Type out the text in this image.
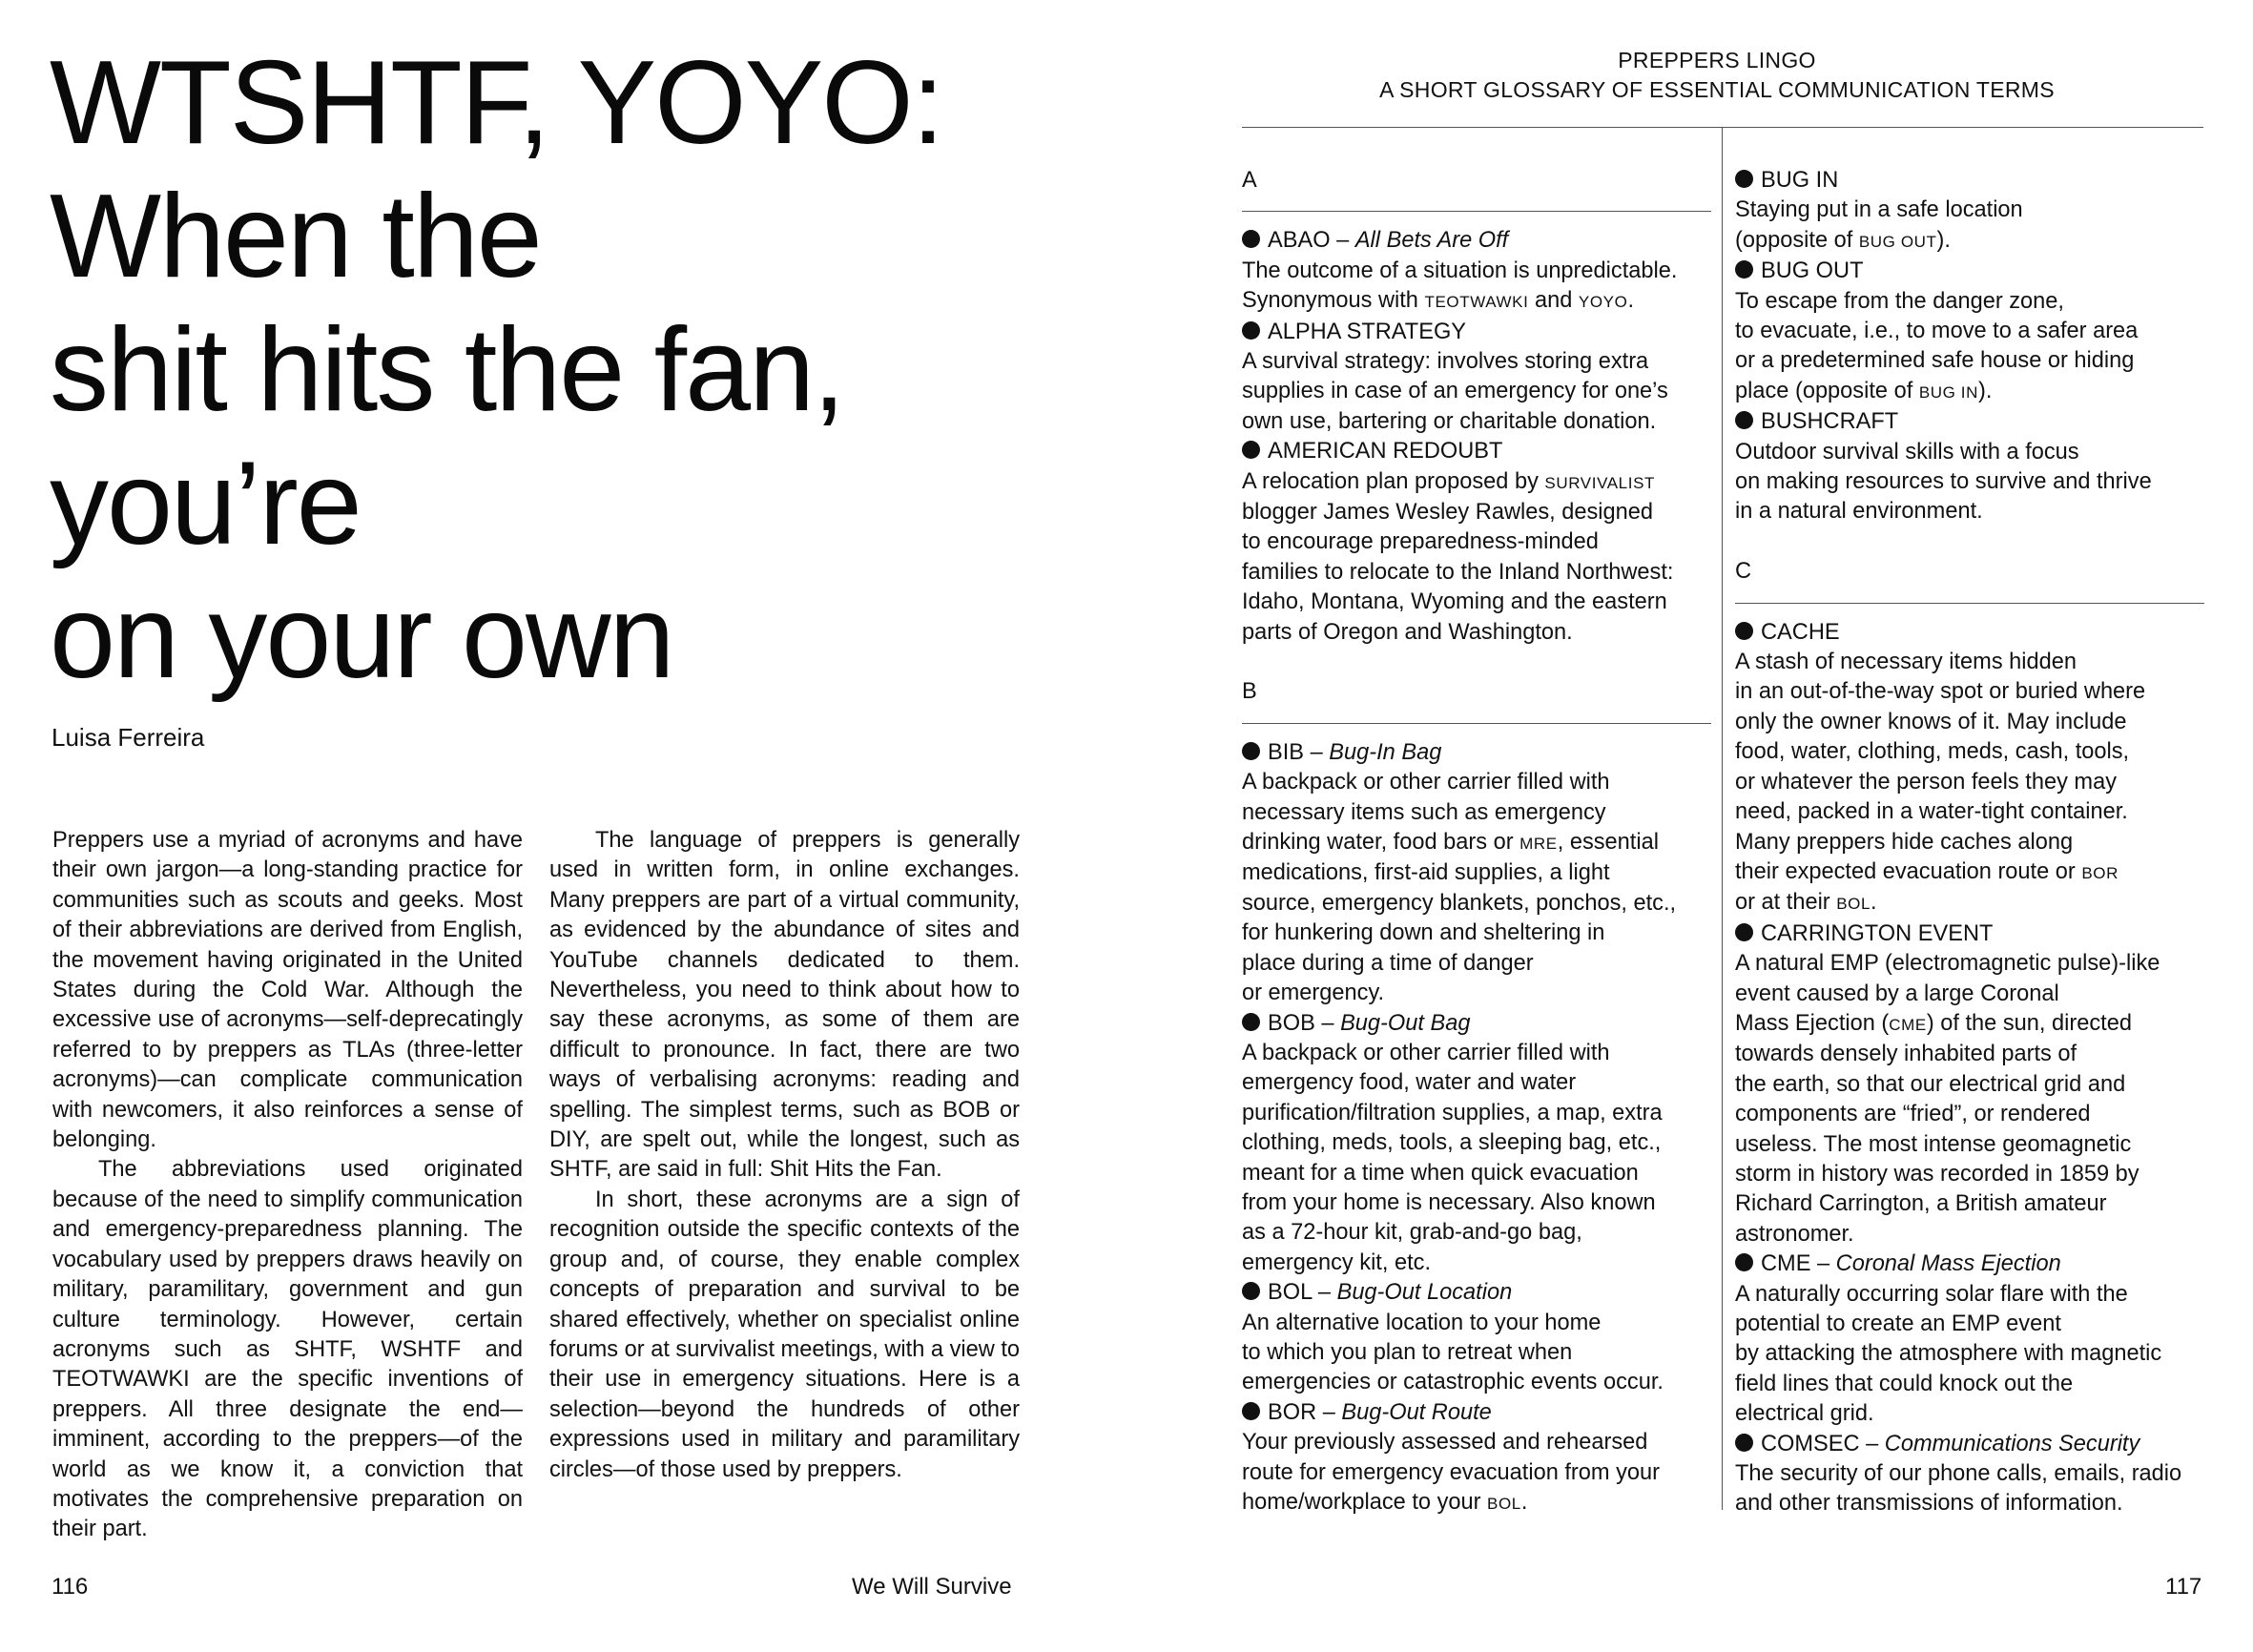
WTSHTF, YOYO:
When the
shit hits the fan,
you’re
on your own
Luisa Ferreira

Preppers use a myriad of acronyms and have their own jargon—a long-standing practice for communities such as scouts and geeks. Most of their abbreviations are derived from English, the movement having originated in the United States during the Cold War. Although the excessive use of acronyms—self-deprecatingly referred to by preppers as TLAs (three-letter acronyms)—can complicate communication with newcomers, it also reinforces a sense of belonging.

The abbreviations used originated because of the need to simplify communication and emergency-preparedness planning. The vocabulary used by preppers draws heavily on military, paramilitary, government and gun culture terminology. However, certain acronyms such as SHTF, WSHTF and TEOTWAWKI are the specific inventions of preppers. All three designate the end—imminent, according to the preppers—of the world as we know it, a conviction that motivates the comprehensive preparation on their part.

The language of preppers is generally used in written form, in online exchanges. Many preppers are part of a virtual community, as evidenced by the abundance of sites and YouTube channels dedicated to them. Nevertheless, you need to think about how to say these acronyms, as some of them are difficult to pronounce. In fact, there are two ways of verbalising acronyms: reading and spelling. The simplest terms, such as BOB or DIY, are spelt out, while the longest, such as SHTF, are said in full: Shit Hits the Fan.

In short, these acronyms are a sign of recognition outside the specific contexts of the group and, of course, they enable complex concepts of preparation and survival to be shared effectively, whether on specialist online forums or at survivalist meetings, with a view to their use in emergency situations. Here is a selection—beyond the hundreds of other expressions used in military and paramilitary circles—of those used by preppers.

116	We Will Survive
PREPPERS LINGO
A SHORT GLOSSARY OF ESSENTIAL COMMUNICATION TERMS
A
ABAO – All Bets Are Off
The outcome of a situation is unpredictable.
Synonymous with TEOTWAWKI and YOYO.
ALPHA STRATEGY
A survival strategy: involves storing extra
supplies in case of an emergency for one’s
own use, bartering or charitable donation.
AMERICAN REDOUBT
A relocation plan proposed by SURVIVALIST
blogger James Wesley Rawles, designed
to encourage preparedness-minded
families to relocate to the Inland Northwest:
Idaho, Montana, Wyoming and the eastern
parts of Oregon and Washington.
B
BIB – Bug-In Bag
A backpack or other carrier filled with
necessary items such as emergency
drinking water, food bars or MRE, essential
medications, first-aid supplies, a light
source, emergency blankets, ponchos, etc.,
for hunkering down and sheltering in
place during a time of danger
or emergency.
BOB – Bug-Out Bag
A backpack or other carrier filled with
emergency food, water and water
purification/filtration supplies, a map, extra
clothing, meds, tools, a sleeping bag, etc.,
meant for a time when quick evacuation
from your home is necessary. Also known
as a 72-hour kit, grab-and-go bag,
emergency kit, etc.
BOL – Bug-Out Location
An alternative location to your home
to which you plan to retreat when
emergencies or catastrophic events occur.
BOR – Bug-Out Route
Your previously assessed and rehearsed
route for emergency evacuation from your
home/workplace to your BOL.
BUG IN
Staying put in a safe location
(opposite of BUG OUT).
BUG OUT
To escape from the danger zone,
to evacuate, i.e., to move to a safer area
or a predetermined safe house or hiding
place (opposite of BUG IN).
BUSHCRAFT
Outdoor survival skills with a focus
on making resources to survive and thrive
in a natural environment.
C
CACHE
A stash of necessary items hidden
in an out-of-the-way spot or buried where
only the owner knows of it. May include
food, water, clothing, meds, cash, tools,
or whatever the person feels they may
need, packed in a water-tight container.
Many preppers hide caches along
their expected evacuation route or BOR
or at their BOL.
CARRINGTON EVENT
A natural EMP (electromagnetic pulse)-like
event caused by a large Coronal
Mass Ejection (CME) of the sun, directed
towards densely inhabited parts of
the earth, so that our electrical grid and
components are “fried”, or rendered
useless. The most intense geomagnetic
storm in history was recorded in 1859 by
Richard Carrington, a British amateur
astronomer.
CME – Coronal Mass Ejection
A naturally occurring solar flare with the
potential to create an EMP event
by attacking the atmosphere with magnetic
field lines that could knock out the
electrical grid.
COMSEC – Communications Security
The security of our phone calls, emails, radio
and other transmissions of information.
117
